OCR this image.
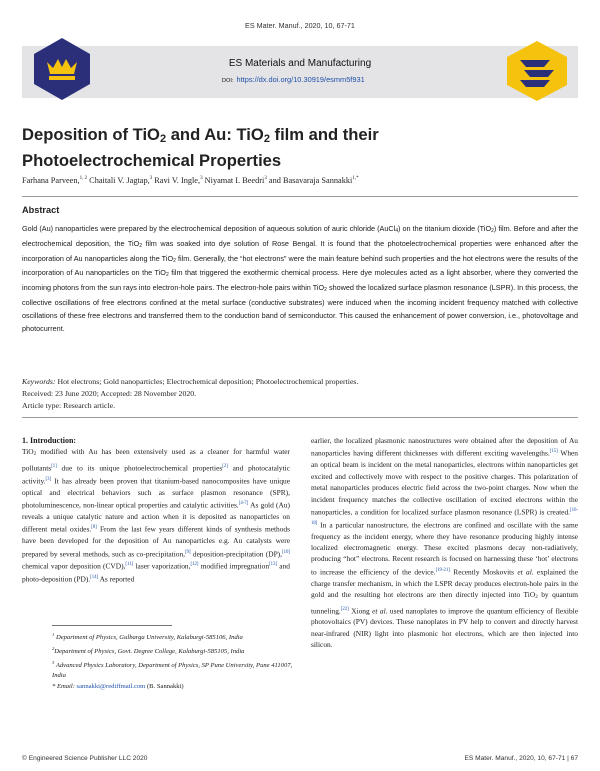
ES Mater. Manuf., 2020, 10, 67-71
ES Materials and Manufacturing
DOI: https://dx.doi.org/10.30919/esmm5f931
Deposition of TiO$_2$ and Au: TiO$_2$ film and their
Photoelectrochemical Properties
Farhana Parveen,$^{1, 2}$ Chaitali V. Jagtap,$^3$ Ravi V. Ingle,$^3$ Niyamat I. Beedri$^3$ and Basavaraja Sannakki$^{1,*}$
Abstract
Gold (Au) nanoparticles were prepared by the electrochemical deposition of aqueous solution of auric chloride (AuCl$_4$) on the titanium dioxide (TiO$_2$) film. Before and after the electrochemical deposition, the TiO$_2$ film was soaked into dye solution of Rose Bengal. It is found that the photoelectrochemical properties were enhanced after the incorporation of Au nanoparticles along the TiO$_2$ film. Generally, the “hot electrons” were the main feature behind such properties and the hot electrons were the results of the incorporation of Au nanoparticles on the TiO$_2$ film that triggered the exothermic chemical process. Here dye molecules acted as a light absorber, where they converted the incoming photons from the sun rays into electron-hole pairs. The electron-hole pairs within TiO$_2$ showed the localized surface plasmon resonance (LSPR). In this process, the collective oscillations of free electrons confined at the metal surface (conductive substrates) were induced when the incoming incident frequency matched with collective oscillations of these free electrons and transferred them to the conduction band of semiconductor. This caused the enhancement of power conversion, i.e., photovoltage and photocurrent.
Keywords: Hot electrons; Gold nanoparticles; Electrochemical deposition; Photoelectrochemical properties.
Received: 23 June 2020; Accepted: 28 November 2020.
Article type: Research article.
1. Introduction:
TiO$_2$ modified with Au has been extensively used as a cleaner for harmful water pollutants[1] due to its unique photoelectrochemical properties[2] and photocatalytic activity.[3] It has already been proven that titanium-based nanocomposites have unique optical and electrical behaviors such as surface plasmon resonance (SPR), photoluminescence, non-linear optical properties and catalytic activities.[4-7] As gold (Au) reveals a unique catalytic nature and action when it is deposited as nanoparticles on different metal oxides.[8] From the last few years different kinds of synthesis methods have been developed for the deposition of Au nanoparticles e.g. Au catalysts were prepared by several methods, such as co-precipitation,[9] deposition-precipitation (DP),[10] chemical vapor deposition (CVD),[11] laser vaporization,[12] modified impregnation[13] and photo-deposition (PD).[14] As reported
$^1$ Department of Physics, Gulbarga University, Kalaburgi-585106, India
$^2$Department of Physics, Govt. Degree College, Kalaburgi-585105, India
$^3$ Advanced Physics Laboratory, Department of Physics, SP Pune University, Pune 411007, India
* Email: sannakki@rediffmail.com (B. Sannakki)
earlier, the localized plasmonic nanostructures were obtained after the deposition of Au nanoparticles having different thicknesses with different exciting wavelengths.[15] When an optical beam is incident on the metal nanoparticles, electrons within nanoparticles get excited and collectively move with respect to the positive charges. This polarization of metal nanoparticles produces electric field across the two-point charges. Now when the incident frequency matches the collective oscillation of excited electrons within the nanoparticles, a condition for localized surface plasmon resonance (LSPR) is created.[16-18] In a particular nanostructure, the electrons are confined and oscillate with the same frequency as the incident energy, where they have resonance producing highly intense localized electromagnetic energy. These excited plasmons decay non-radiatively, producing “hot” electrons. Recent research is focused on harnessing these ‘hot’ electrons to increase the efficiency of the device.[19-21] Recently Moskovits et al. explained the charge transfer mechanism, in which the LSPR decay produces electron-hole pairs in the gold and the resulting hot electrons are then directly injected into TiO$_2$ by quantum tunneling.[22] Xiong et al. used nanoplates to improve the quantum efficiency of flexible photovoltaics (PV) devices. These nanoplates in PV help to convert and directly harvest near-infrared (NIR) light into plasmonic hot electrons, which are then injected into silicon.
© Engineered Science Publisher LLC 2020	ES Mater. Manuf., 2020, 10, 67-71 | 67
